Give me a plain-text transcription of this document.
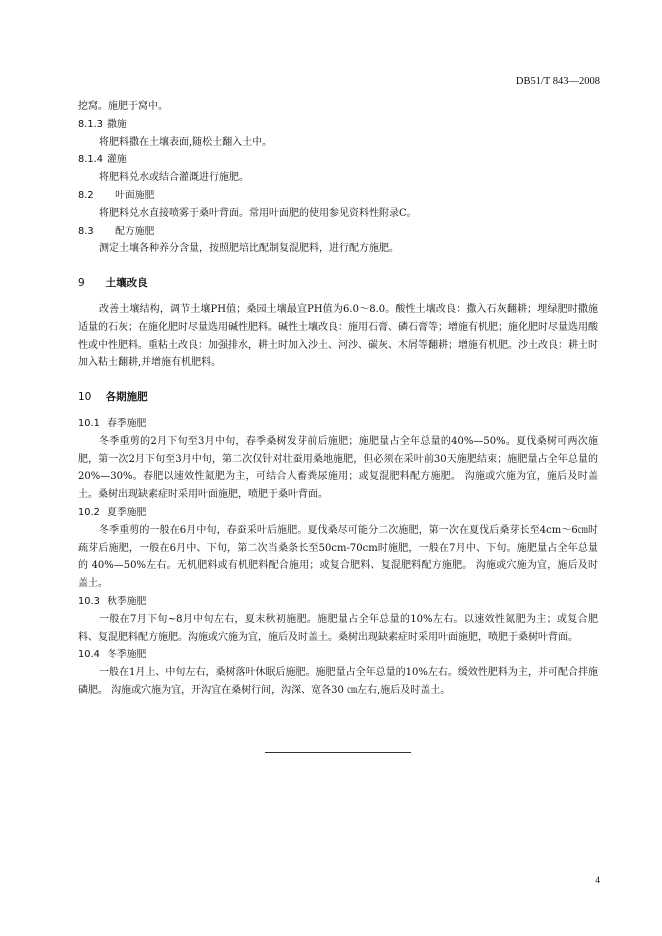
DB51/T 843—2008

挖窝。施肥于窝中。

8.1.3 撒施

将肥料撒在土壤表面,随松土翻入土中。

8.1.4 灌施

将肥料兑水或结合灌溉进行施肥。

8.2 叶面施肥

将肥料兑水直接喷雾于桑叶背面。常用叶面肥的使用参见资料性附录C。

8.3 配方施肥

测定土壤各种养分含量，按照肥培比配制复混肥料，进行配方施肥。

9 土壤改良

改善土壤结构，调节土壤PH值；桑园土壤最宜PH值为6.0～8.0。酸性土壤改良：撒入石灰翻耕；埋绿肥时撒施适量的石灰；在施化肥时尽量选用碱性肥料。碱性土壤改良：施用石膏、磷石膏等；增施有机肥；施化肥时尽量选用酸性或中性肥料。重粘土改良：加强排水，耕土时加入沙土、河沙、碳灰、木屑等翻耕；增施有机肥。沙土改良：耕土时加入粘土翻耕,并增施有机肥料。

10 各期施肥
10.1 春季施肥

冬季重剪的2月下旬至3月中旬，春季桑树发芽前后施肥；施肥量占全年总量的40%—50%。夏伐桑树可两次施肥，第一次2月下旬至3月中旬，第二次仅针对壮蚕用桑地施肥，但必须在采叶前30天施肥结束；施肥量占全年总量的 20%—30%。春肥以速效性氮肥为主，可结合人畜粪尿施用；或复混肥料配方施肥。 沟施或穴施为宜，施后及时盖土。桑树出现缺素症时采用叶面施肥，喷肥于桑叶背面。

10.2 夏季施肥

冬季重剪的一般在6月中旬，春蚕采叶后施肥。夏伐桑尽可能分二次施肥，第一次在夏伐后桑芽长至4cm～6㎝时疏芽后施肥，一般在6月中、下旬，第二次当桑条长至50cm-70cm时施肥，一般在7月中、下旬。施肥量占全年总量的 40%—50%左右。无机肥料或有机肥料配合施用；或复合肥料、复混肥料配方施肥。 沟施或穴施为宜，施后及时盖土。

10.3 秋季施肥

一般在7月下旬~8月中旬左右，夏末秋初施肥。施肥量占全年总量的10%左右。以速效性氮肥为主；或复合肥料、复混肥料配方施肥。沟施或穴施为宜，施后及时盖土。桑树出现缺素症时采用叶面施肥，喷肥于桑树叶背面。

10.4 冬季施肥

一般在1月上、中旬左右，桑树落叶休眠后施肥。施肥量占全年总量的10%左右。缓效性肥料为主，并可配合拌施磷肥。 沟施或穴施为宜，开沟宜在桑树行间，沟深、宽各30 ㎝左右,施后及时盖土。

4
